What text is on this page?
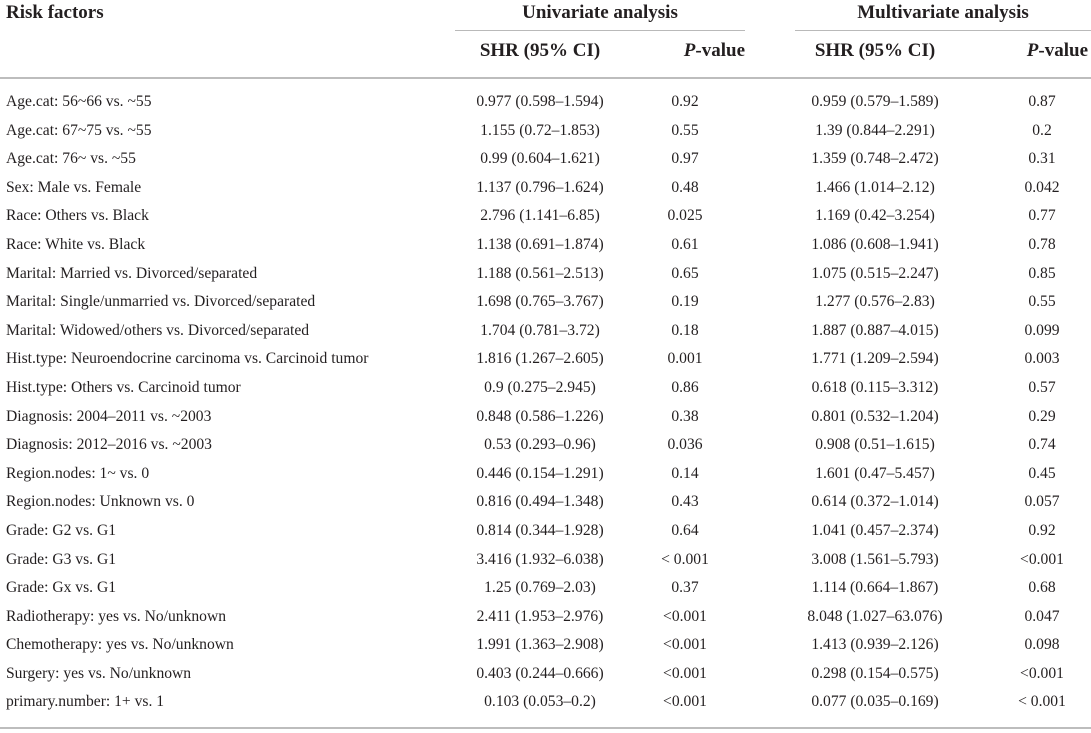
Risk factors	Univariate analysis	Multivariate analysis
SHR (95% CI)	P-value	SHR (95% CI)	P-value
Age.cat: 56~66 vs. ~55	0.977 (0.598–1.594)	0.92	0.959 (0.579–1.589)	0.87
Age.cat: 67~75 vs. ~55	1.155 (0.72–1.853)	0.55	1.39 (0.844–2.291)	0.2
Age.cat: 76~ vs. ~55	0.99 (0.604–1.621)	0.97	1.359 (0.748–2.472)	0.31
Sex: Male vs. Female	1.137 (0.796–1.624)	0.48	1.466 (1.014–2.12)	0.042
Race: Others vs. Black	2.796 (1.141–6.85)	0.025	1.169 (0.42–3.254)	0.77
Race: White vs. Black	1.138 (0.691–1.874)	0.61	1.086 (0.608–1.941)	0.78
Marital: Married vs. Divorced/separated	1.188 (0.561–2.513)	0.65	1.075 (0.515–2.247)	0.85
Marital: Single/unmarried vs. Divorced/separated	1.698 (0.765–3.767)	0.19	1.277 (0.576–2.83)	0.55
Marital: Widowed/others vs. Divorced/separated	1.704 (0.781–3.72)	0.18	1.887 (0.887–4.015)	0.099
Hist.type: Neuroendocrine carcinoma vs. Carcinoid tumor	1.816 (1.267–2.605)	0.001	1.771 (1.209–2.594)	0.003
Hist.type: Others vs. Carcinoid tumor	0.9 (0.275–2.945)	0.86	0.618 (0.115–3.312)	0.57
Diagnosis: 2004–2011 vs. ~2003	0.848 (0.586–1.226)	0.38	0.801 (0.532–1.204)	0.29
Diagnosis: 2012–2016 vs. ~2003	0.53 (0.293–0.96)	0.036	0.908 (0.51–1.615)	0.74
Region.nodes: 1~ vs. 0	0.446 (0.154–1.291)	0.14	1.601 (0.47–5.457)	0.45
Region.nodes: Unknown vs. 0	0.816 (0.494–1.348)	0.43	0.614 (0.372–1.014)	0.057
Grade: G2 vs. G1	0.814 (0.344–1.928)	0.64	1.041 (0.457–2.374)	0.92
Grade: G3 vs. G1	3.416 (1.932–6.038)	< 0.001	3.008 (1.561–5.793)	<0.001
Grade: Gx vs. G1	1.25 (0.769–2.03)	0.37	1.114 (0.664–1.867)	0.68
Radiotherapy: yes vs. No/unknown	2.411 (1.953–2.976)	<0.001	8.048 (1.027–63.076)	0.047
Chemotherapy: yes vs. No/unknown	1.991 (1.363–2.908)	<0.001	1.413 (0.939–2.126)	0.098
Surgery: yes vs. No/unknown	0.403 (0.244–0.666)	<0.001	0.298 (0.154–0.575)	<0.001
primary.number: 1+ vs. 1	0.103 (0.053–0.2)	<0.001	0.077 (0.035–0.169)	< 0.001
